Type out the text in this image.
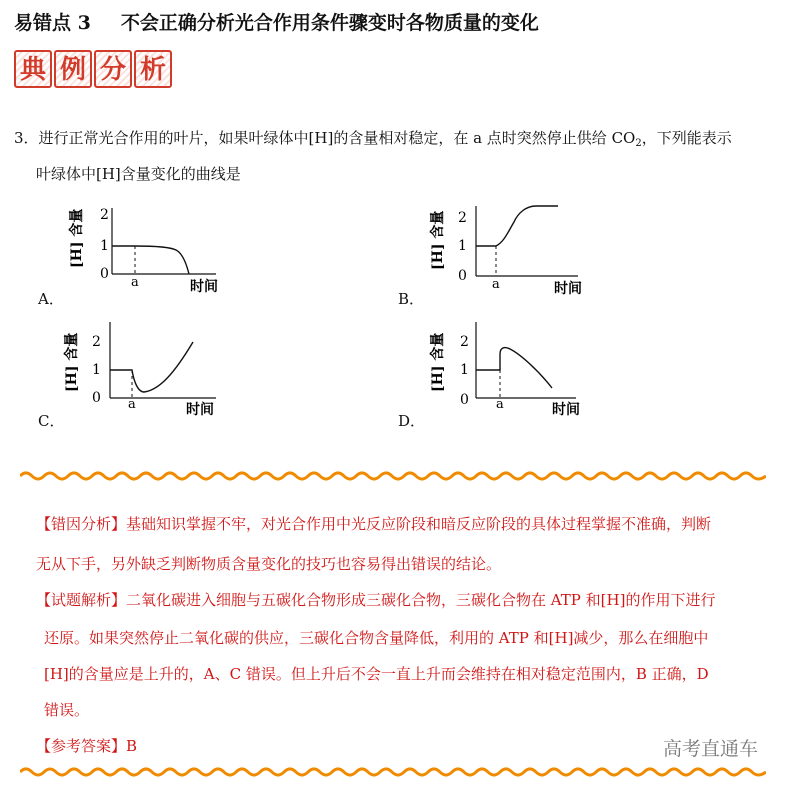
易错点 3 不会正确分析光合作用条件骤变时各物质量的变化
典 例 分 析
3．进行正常光合作用的叶片，如果叶绿体中[H]的含量相对稳定，在 a 点时突然停止供给 $CO_2$，下列能表示
叶绿体中[H]含量变化的曲线是
2
1
0
[H] 含量
时间
a
A．
2
1
0
[H] 含量
时间
a
B．
2
1
0
[H] 含量
时间
a
C．
2
1
0
[H] 含量
时间
a
D．
【错因分析】基础知识掌握不牢，对光合作用中光反应阶段和暗反应阶段的具体过程掌握不准确，判断
无从下手，另外缺乏判断物质含量变化的技巧也容易得出错误的结论。
【试题解析】二氧化碳进入细胞与五碳化合物形成三碳化合物，三碳化合物在 ATP 和[H]的作用下进行
还原。如果突然停止二氧化碳的供应，三碳化合物含量降低，利用的 ATP 和[H]减少，那么在细胞中
[H]的含量应是上升的，A、C 错误。但上升后不会一直上升而会维持在相对稳定范围内，B 正确，D
错误。
【参考答案】B	高考直通车
